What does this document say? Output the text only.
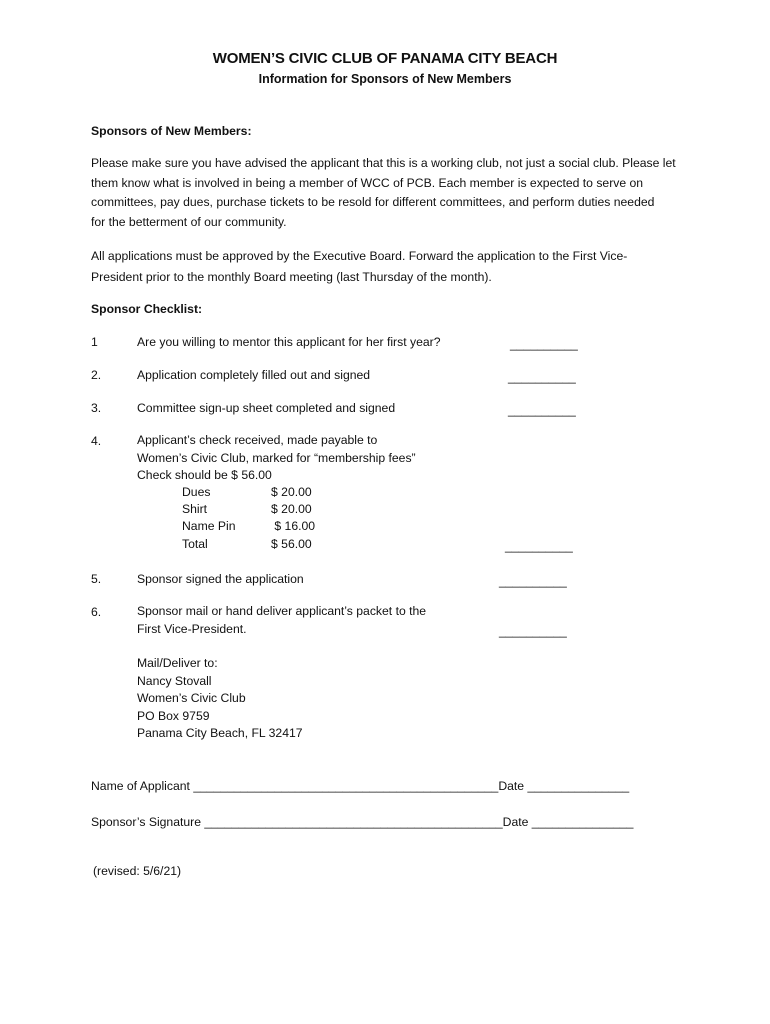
WOMEN’S CIVIC CLUB OF PANAMA CITY BEACH
Information for Sponsors of New Members
Sponsors of New Members:
Please make sure you have advised the applicant that this is a working club, not just a social club. Please let
them know what is involved in being a member of WCC of PCB. Each member is expected to serve on
committees, pay dues, purchase tickets to be resold for different committees, and perform duties needed
for the betterment of our community.
All applications must be approved by the Executive Board. Forward the application to the First Vice-
President prior to the monthly Board meeting (last Thursday of the month).
Sponsor Checklist:
1	Are you willing to mentor this applicant for her first year?	__________
2.	Application completely filled out and signed	__________
3.	Committee sign-up sheet completed and signed	__________
4.	Applicant’s check received, made payable to
Women’s Civic Club, marked for “membership fees”
Check should be $ 56.00
Dues	$ 20.00
Shirt	$ 20.00
Name Pin	$ 16.00
Total	$ 56.00	__________
5.	Sponsor signed the application	__________
6.	Sponsor mail or hand deliver applicant’s packet to the
First Vice-President.	__________
Mail/Deliver to:
Nancy Stovall
Women’s Civic Club
PO Box 9759
Panama City Beach, FL 32417
Name of Applicant _____________________________________________Date _______________
Sponsor’s Signature ____________________________________________Date _______________
(revised: 5/6/21)
